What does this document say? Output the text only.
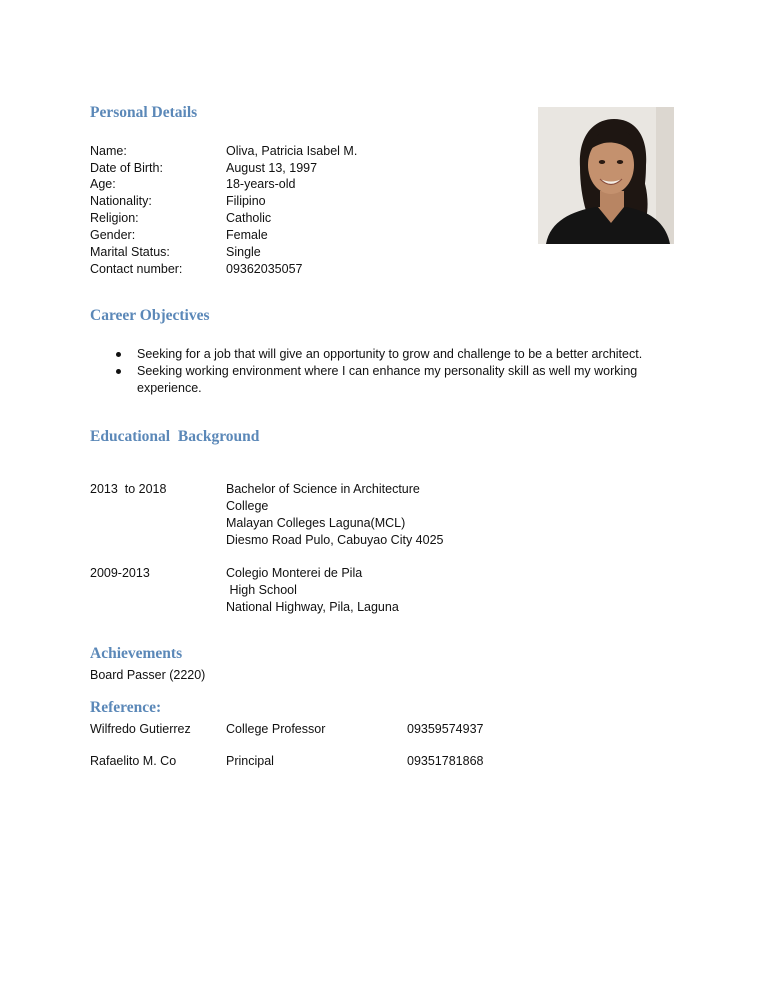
Personal Details
Name:	Oliva, Patricia Isabel M.
Date of Birth:	August 13, 1997
Age:	18-years-old
Nationality:	Filipino
Religion:	Catholic
Gender:	Female
Marital Status:	Single
Contact number:	09362035057
Career Objectives
Seeking for a job that will give an opportunity to grow and challenge to be a better architect.
Seeking working environment where I can enhance my personality skill as well my working
experience.
Educational  Background
2013  to 2018	Bachelor of Science in Architecture
College
Malayan Colleges Laguna(MCL)
Diesmo Road Pulo, Cabuyao City 4025
2009-2013	Colegio Monterei de Pila
High School
National Highway, Pila, Laguna
Achievements
Board Passer (2220)
Reference:
Wilfredo Gutierrez	College Professor	09359574937
Rafaelito M. Co	Principal	09351781868
